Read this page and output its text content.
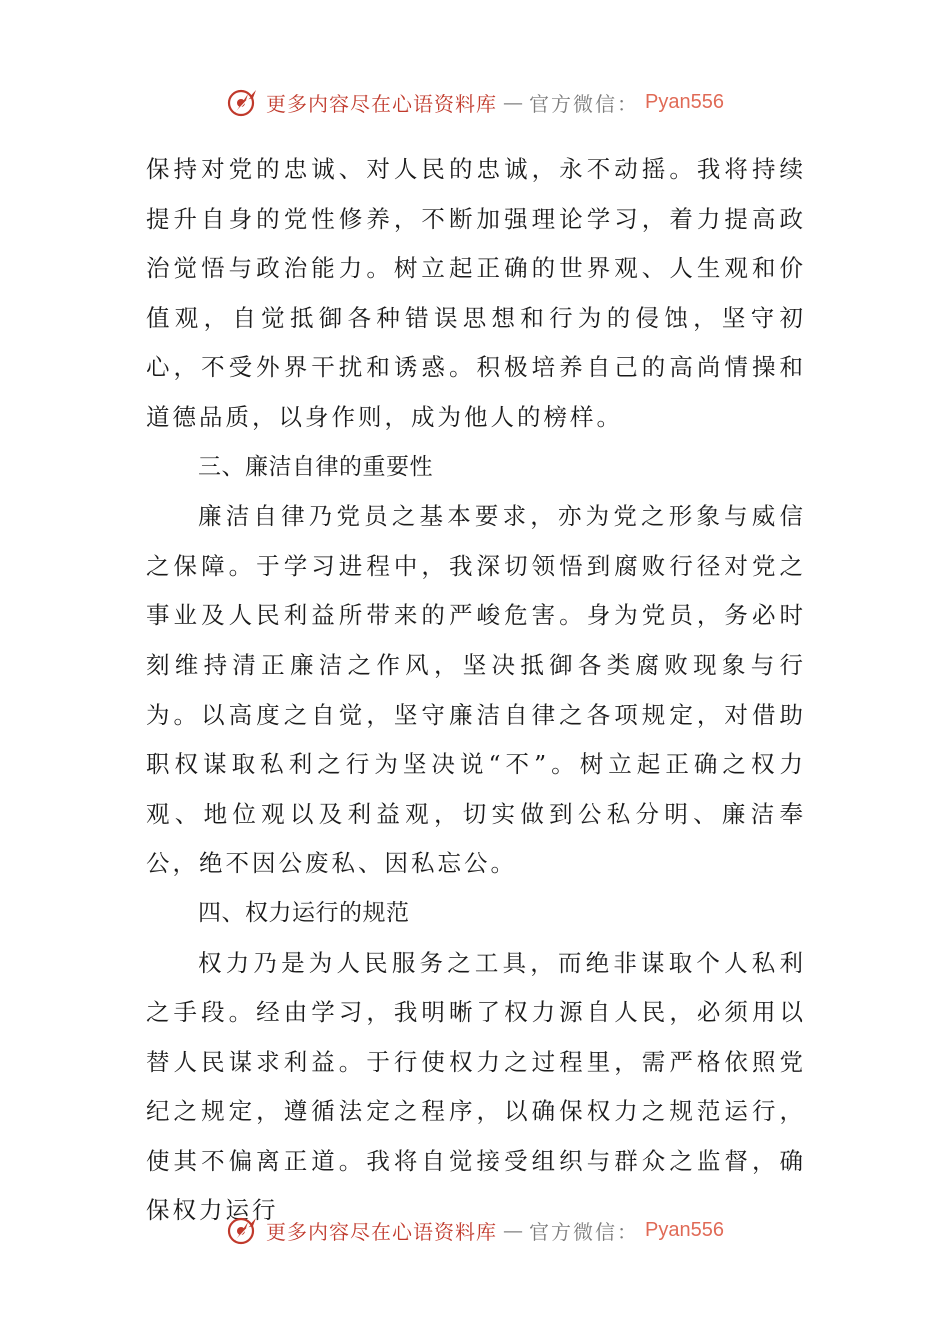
更多内容尽在心语资料库 — 官方微信： Pyan556

保持对党的忠诚、对人民的忠诚，永不动摇。我将持续提升自身的党性修养，不断加强理论学习，着力提高政治觉悟与政治能力。树立起正确的世界观、人生观和价值观，自觉抵御各种错误思想和行为的侵蚀，坚守初心，不受外界干扰和诱惑。积极培养自己的高尚情操和道德品质，以身作则，成为他人的榜样。

三、廉洁自律的重要性

廉洁自律乃党员之基本要求，亦为党之形象与威信之保障。于学习进程中，我深切领悟到腐败行径对党之事业及人民利益所带来的严峻危害。身为党员，务必时刻维持清正廉洁之作风，坚决抵御各类腐败现象与行为。以高度之自觉，坚守廉洁自律之各项规定，对借助职权谋取私利之行为坚决说“不”。树立起正确之权力观、地位观以及利益观，切实做到公私分明、廉洁奉公，绝不因公废私、因私忘公。

四、权力运行的规范

权力乃是为人民服务之工具，而绝非谋取个人私利之手段。经由学习，我明晰了权力源自人民，必须用以替人民谋求利益。于行使权力之过程里，需严格依照党纪之规定，遵循法定之程序，以确保权力之规范运行，使其不偏离正道。我将自觉接受组织与群众之监督，确保权力运行

更多内容尽在心语资料库 — 官方微信： Pyan556
